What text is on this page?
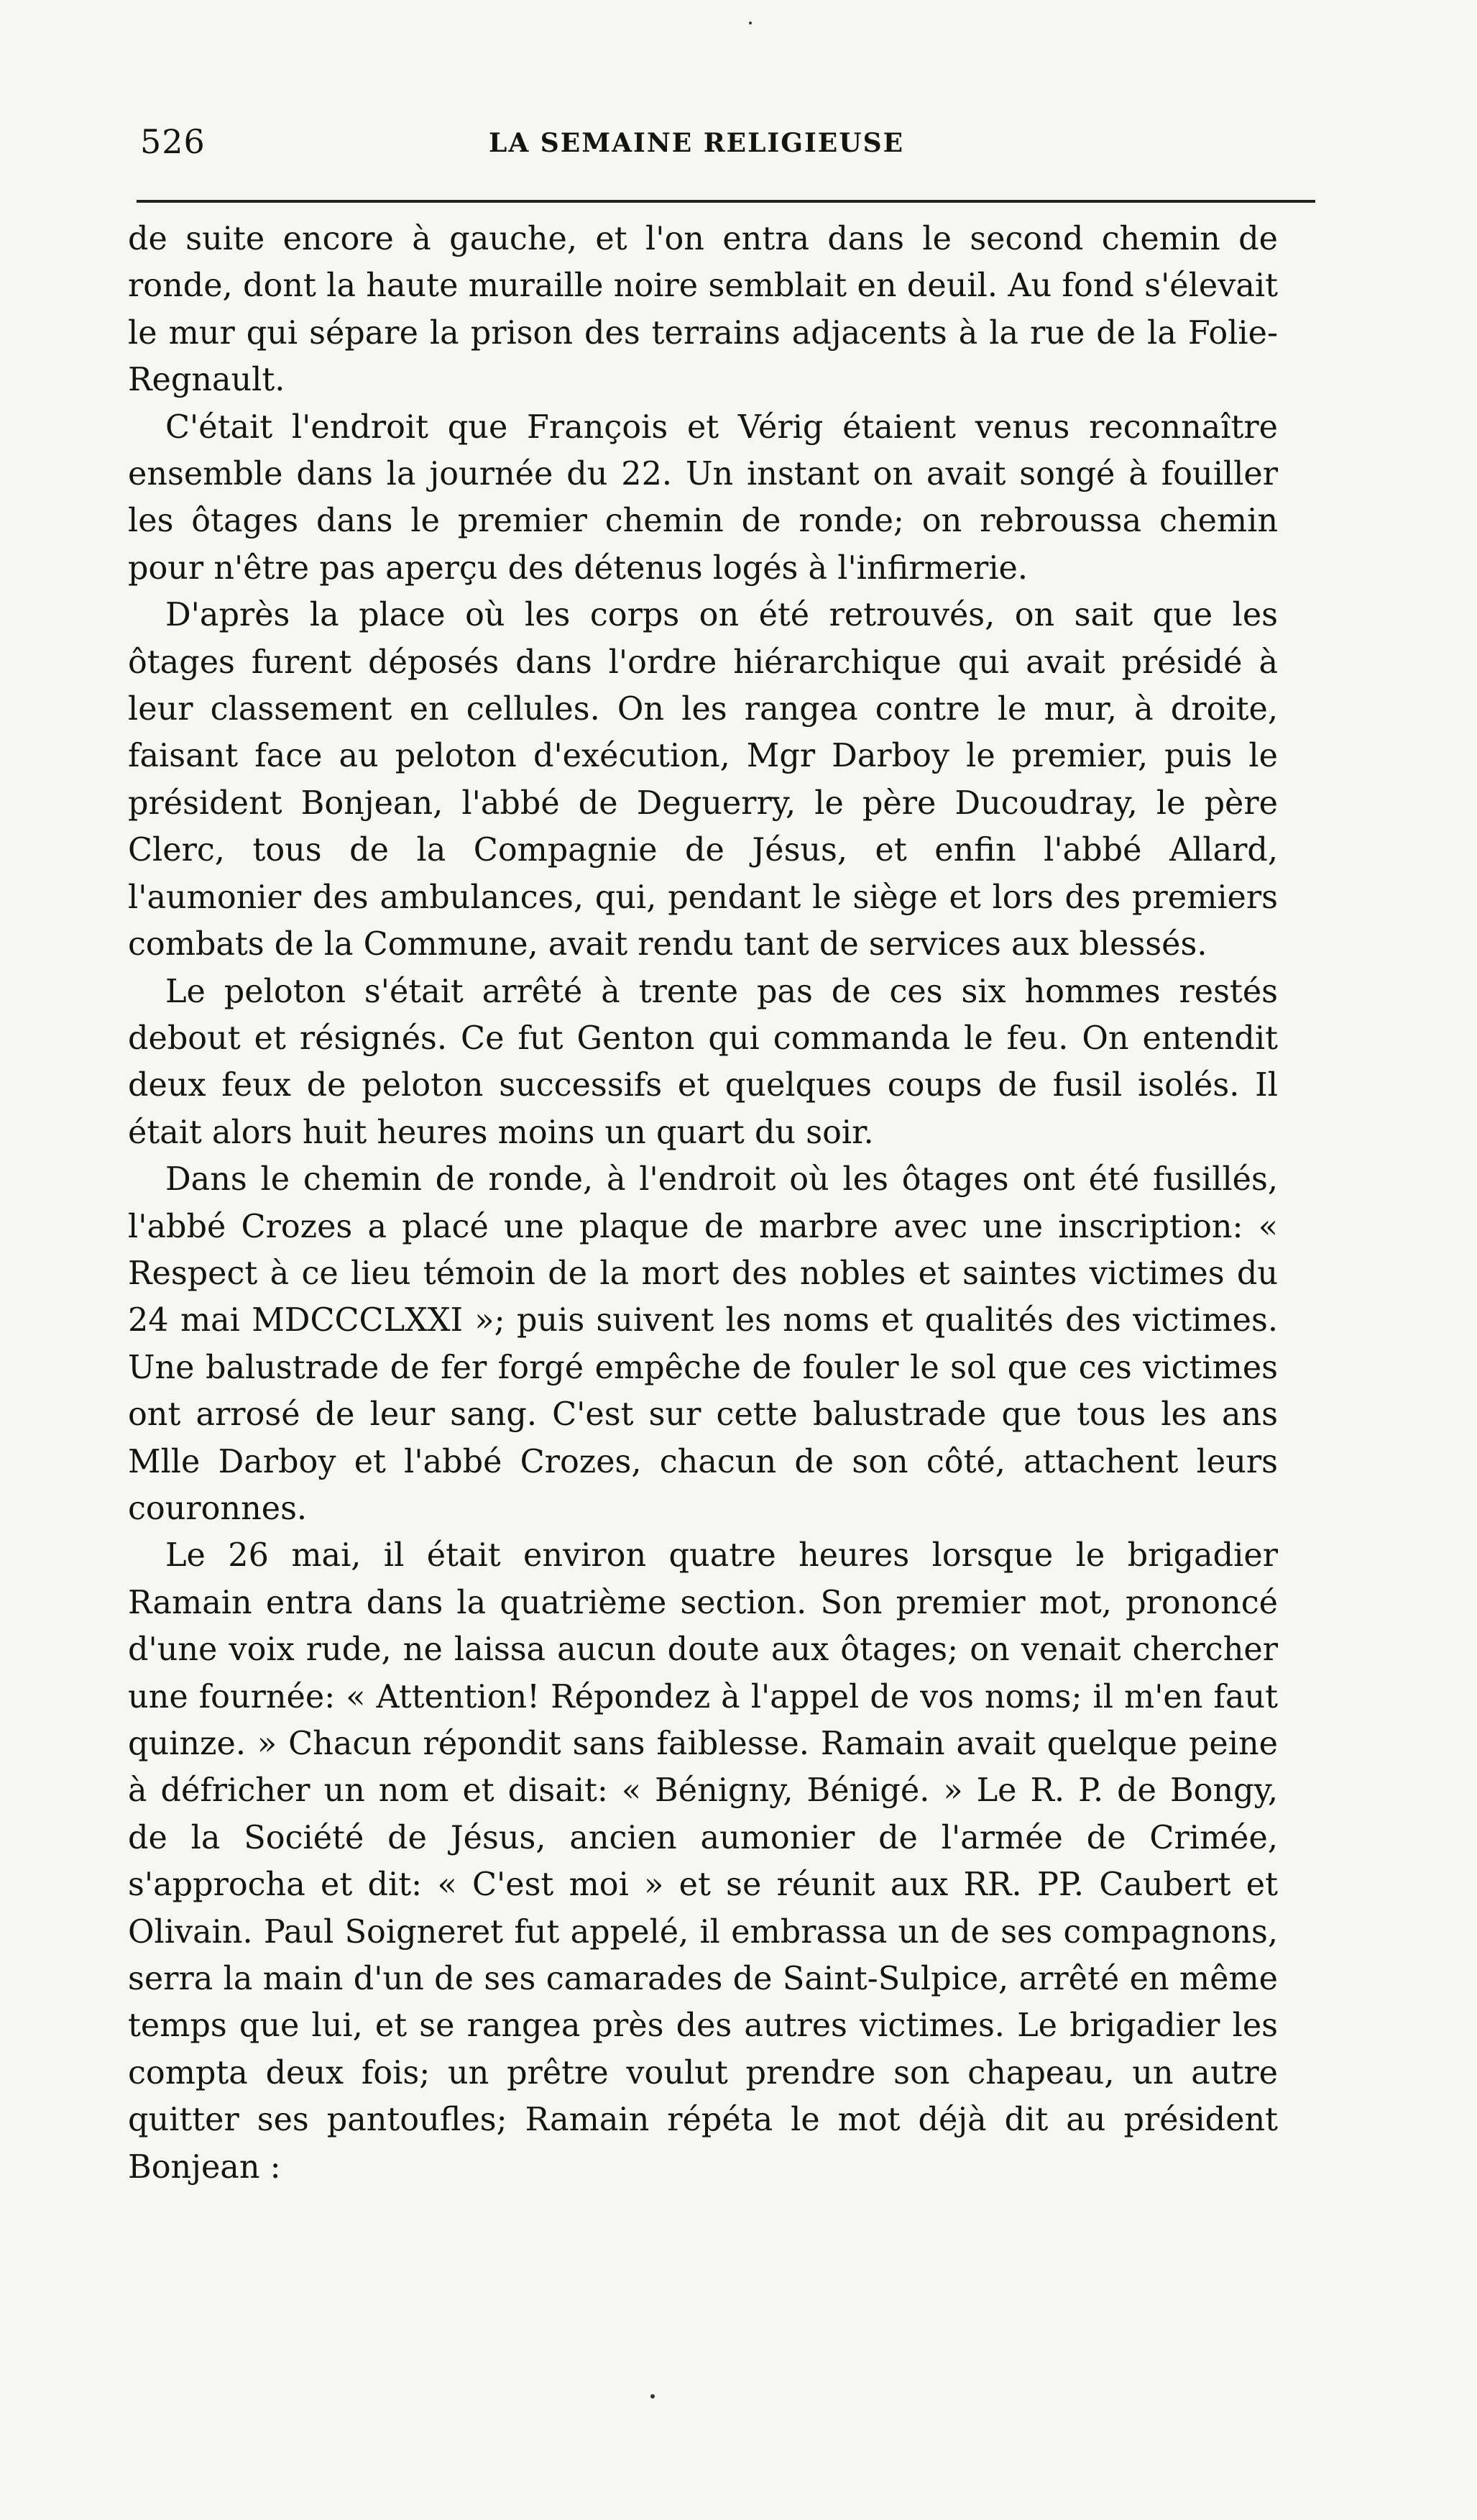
526	LA SEMAINE RELIGIEUSE

de suite encore à gauche, et l'on entra dans le second chemin de ronde, dont la haute muraille noire semblait en deuil. Au fond s'élevait le mur qui sépare la prison des terrains adjacents à la rue de la Folie-Regnault.

C'était l'endroit que François et Vérig étaient venus reconnaître ensemble dans la journée du 22. Un instant on avait songé à fouiller les ôtages dans le premier chemin de ronde; on rebroussa chemin pour n'être pas aperçu des détenus logés à l'infirmerie.

D'après la place où les corps on été retrouvés, on sait que les ôtages furent déposés dans l'ordre hiérarchique qui avait présidé à leur classement en cellules. On les rangea contre le mur, à droite, faisant face au peloton d'exécution, Mgr Darboy le premier, puis le président Bonjean, l'abbé de Deguerry, le père Ducoudray, le père Clerc, tous de la Compagnie de Jésus, et enfin l'abbé Allard, l'aumonier des ambulances, qui, pendant le siège et lors des premiers combats de la Commune, avait rendu tant de services aux blessés.

Le peloton s'était arrêté à trente pas de ces six hommes restés debout et résignés. Ce fut Genton qui commanda le feu. On entendit deux feux de peloton successifs et quelques coups de fusil isolés. Il était alors huit heures moins un quart du soir.

Dans le chemin de ronde, à l'endroit où les ôtages ont été fusillés, l'abbé Crozes a placé une plaque de marbre avec une inscription: « Respect à ce lieu témoin de la mort des nobles et saintes victimes du 24 mai MDCCCLXXI »; puis suivent les noms et qualités des victimes. Une balustrade de fer forgé empêche de fouler le sol que ces victimes ont arrosé de leur sang. C'est sur cette balustrade que tous les ans Mlle Darboy et l'abbé Crozes, chacun de son côté, attachent leurs couronnes.

Le 26 mai, il était environ quatre heures lorsque le brigadier Ramain entra dans la quatrième section. Son premier mot, prononcé d'une voix rude, ne laissa aucun doute aux ôtages; on venait chercher une fournée: « Attention! Répondez à l'appel de vos noms; il m'en faut quinze. » Chacun répondit sans faiblesse. Ramain avait quelque peine à défricher un nom et disait: « Bénigny, Bénigé. » Le R. P. de Bongy, de la Société de Jésus, ancien aumonier de l'armée de Crimée, s'approcha et dit: « C'est moi » et se réunit aux RR. PP. Caubert et Olivain. Paul Soigneret fut appelé, il embrassa un de ses compagnons, serra la main d'un de ses camarades de Saint-Sulpice, arrêté en même temps que lui, et se rangea près des autres victimes. Le brigadier les compta deux fois; un prêtre voulut prendre son chapeau, un autre quitter ses pantoufles; Ramain répéta le mot déjà dit au président Bonjean :
